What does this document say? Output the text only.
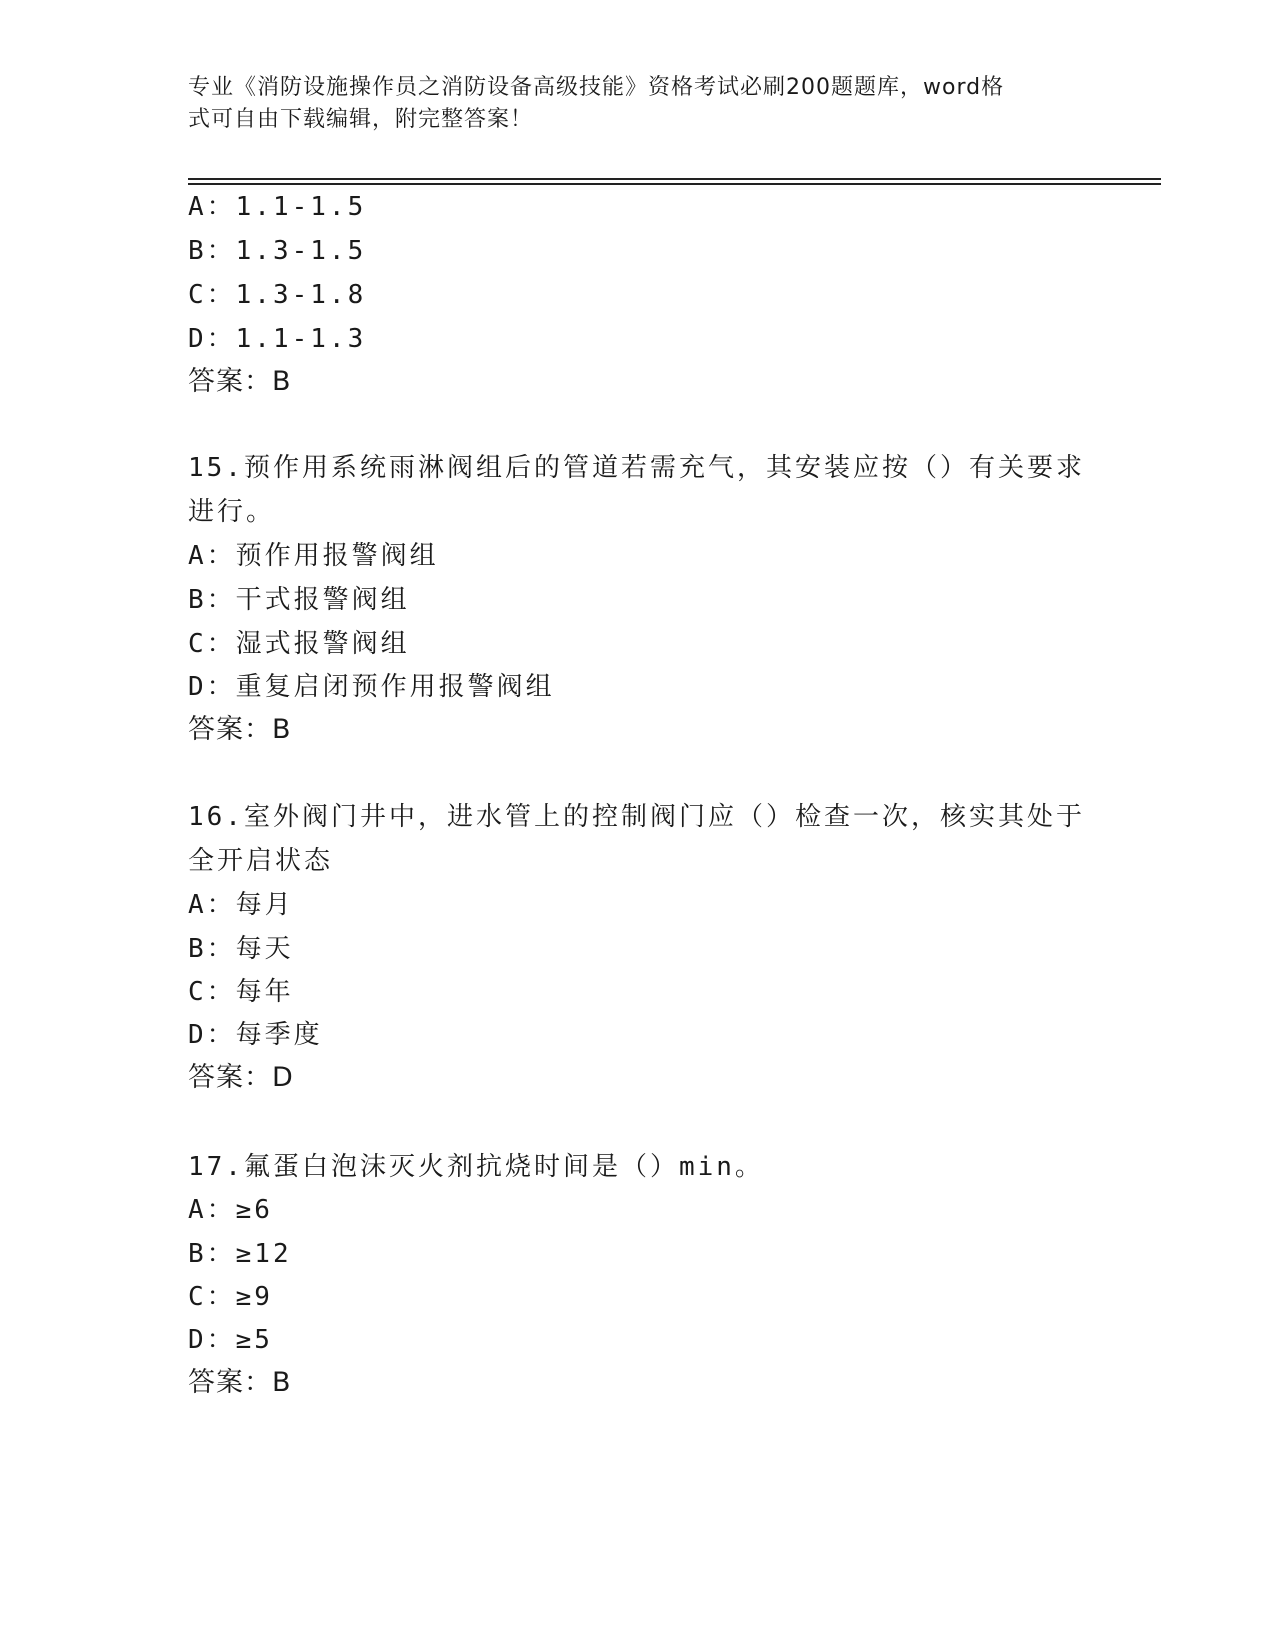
专业《消防设施操作员之消防设备高级技能》资格考试必刷200题题库，word格
式可自由下载编辑，附完整答案！
A：1.1-1.5
B：1.3-1.5
C：1.3-1.8
D：1.1-1.3
答案：B
15.预作用系统雨淋阀组后的管道若需充气，其安装应按（）有关要求
进行。
A：预作用报警阀组
B：干式报警阀组
C：湿式报警阀组
D：重复启闭预作用报警阀组
答案：B
16.室外阀门井中，进水管上的控制阀门应（）检查一次，核实其处于
全开启状态
A：每月
B：每天
C：每年
D：每季度
答案：D
17.氟蛋白泡沫灭火剂抗烧时间是（）min。
A：≥6
B：≥12
C：≥9
D：≥5
答案：B
